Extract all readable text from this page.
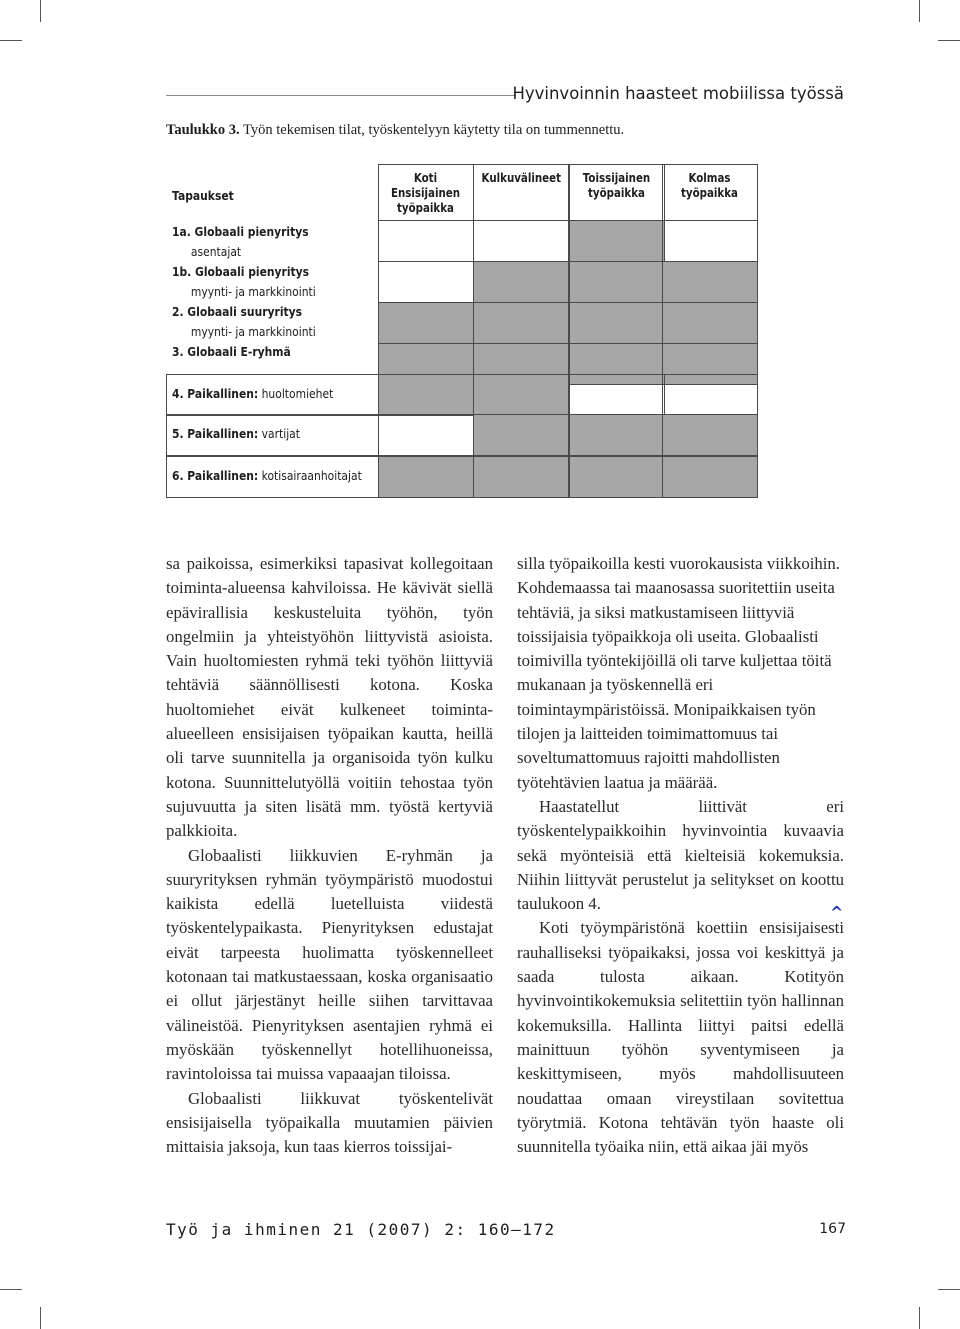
Hyvinvoinnin haasteet mobiilissa työssä

Taulukko 3. Työn tekemisen tilat, työskentelyyn käytetty tila on tummennettu.

Koti
Ensisijainen
työpaikka
Kulkuvälineet	Toissijainen
työpaikka
Kolmas
työpaikka
Tapaukset
1a. Globaali pienyritys
asentajat
1b. Globaali pienyritys
myynti- ja markkinointi
2. Globaali suuryritys
myynti- ja markkinointi
3. Globaali E-ryhmä
4. Paikallinen: huoltomiehet
5. Paikallinen: vartijat
6. Paikallinen: kotisairaanhoitajat

sa paikoissa, esimerkiksi tapasivat kollegoitaan toiminta-alueensa kahviloissa. He kävivät siellä epävirallisia keskusteluita työhön, työn ongelmiin ja yhteistyöhön liittyvistä asioista. Vain huoltomiesten ryhmä teki työhön liittyviä tehtäviä säännöllisesti kotona. Koska huoltomiehet eivät kulkeneet toiminta-alueelleen ensisijaisen työpaikan kautta, heillä oli tarve suunnitella ja organisoida työn kulku kotona. Suunnittelutyöllä voitiin tehostaa työn sujuvuutta ja siten lisätä mm. työstä kertyviä palkkioita.

Globaalisti liikkuvien E-ryhmän ja suuryrityksen ryhmän työympäristö muodostui kaikista edellä luetelluista viidestä työskentelypaikasta. Pienyrityksen edustajat eivät tarpeesta huolimatta työskennelleet kotonaan tai matkustaessaan, koska organisaatio ei ollut järjestänyt heille siihen tarvittavaa välineistöä. Pienyrityksen asentajien ryhmä ei myöskään työskennellyt hotellihuoneissa, ravintoloissa tai muissa vapaaajan tiloissa.

Globaalisti liikkuvat työskentelivät ensisijaisella työpaikalla muutamien päivien mittaisia jaksoja, kun taas kierros toissijai-

silla työpaikoilla kesti vuorokausista viikkoihin. Kohdemaassa tai maanosassa suoritettiin useita tehtäviä, ja siksi matkustamiseen liittyviä toissijaisia työpaikkoja oli useita. Globaalisti toimivilla työntekijöillä oli tarve kuljettaa töitä mukanaan ja työskennellä eri toimintaympäristöissä. Monipaikkaisen työn tilojen ja laitteiden toimimattomuus tai soveltumattomuus rajoitti mahdollisten työtehtävien laatua ja määrää.

Haastatellut liittivät eri työskentelypaikkoihin hyvinvointia kuvaavia sekä myönteisiä että kielteisiä kokemuksia. Niihin liittyvät perustelut ja selitykset on koottu taulukoon 4.

Koti työympäristönä koettiin ensisijaisesti rauhalliseksi työpaikaksi, jossa voi keskittyä ja saada tulosta aikaan. Kotityön hyvinvointikokemuksia selitettiin työn hallinnan kokemuksilla. Hallinta liittyi paitsi edellä mainittuun työhön syventymiseen ja keskittymiseen, myös mahdollisuuteen noudattaa omaan vireystilaan sovitettua työrytmiä. Kotona tehtävän työn haaste oli suunnitella työaika niin, että aikaa jäi myös

^

Työ ja ihminen 21 (2007) 2: 160–172	167
